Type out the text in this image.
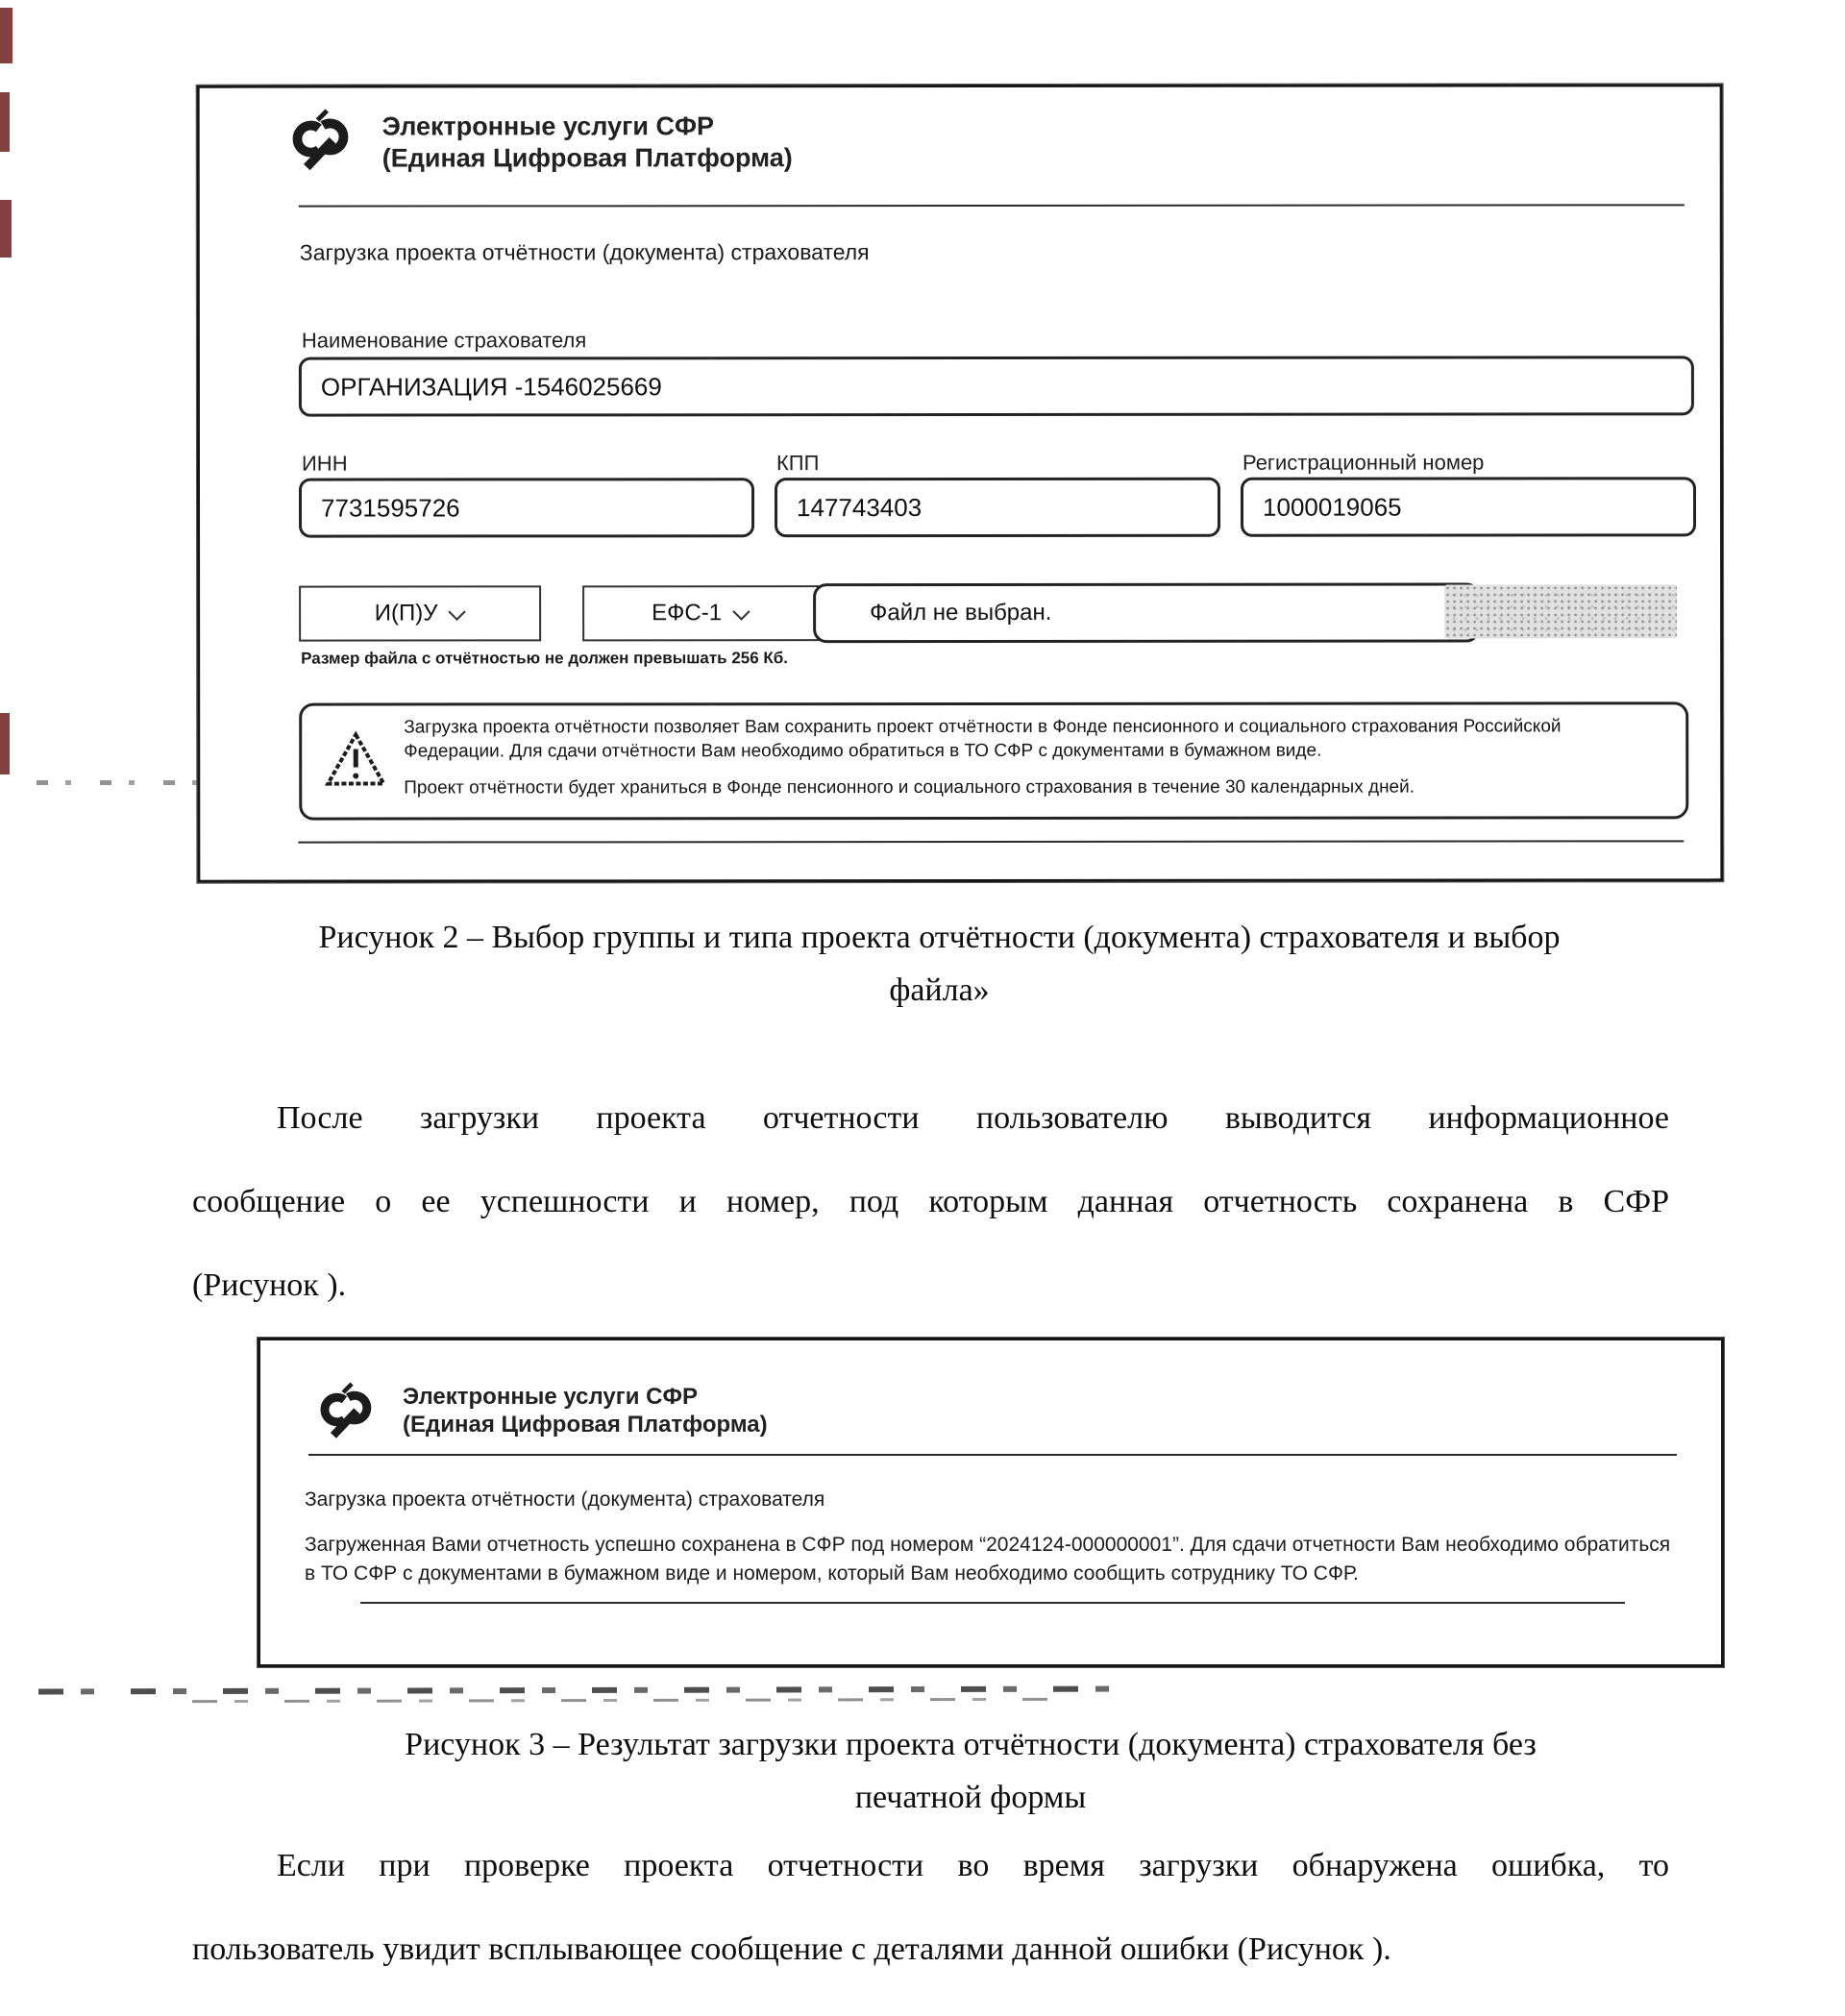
Электронные услуги СФР
(Единая Цифровая Платформа)
Загрузка проекта отчётности (документа) страхователя
Наименование страхователя
ОРГАНИЗАЦИЯ -1546025669
ИНН	КПП	Регистрационный номер
7731595726	147743403	1000019065
И(П)У	ЕФС-1	Файл не выбран.
Размер файла с отчётностью не должен превышать 256 Кб.
Загрузка проекта отчётности позволяет Вам сохранить проект отчётности в Фонде пенсионного и социального страхования Российской Федерации. Для сдачи отчётности Вам необходимо обратиться в ТО СФР с документами в бумажном виде.
Проект отчётности будет храниться в Фонде пенсионного и социального страхования в течение 30 календарных дней.
Рисунок 2 – Выбор группы и типа проекта отчётности (документа) страхователя и выбор
файла»
После загрузки проекта отчетности пользователю выводится информационное
сообщение о ее успешности и номер, под которым данная отчетность сохранена в СФР
(Рисунок ).
Электронные услуги СФР
(Единая Цифровая Платформа)
Загрузка проекта отчётности (документа) страхователя
Загруженная Вами отчетность успешно сохранена в СФР под номером “2024124-000000001”. Для сдачи отчетности Вам необходимо обратиться в ТО СФР с документами в бумажном виде и номером, который Вам необходимо сообщить сотруднику ТО СФР.
Рисунок 3 – Результат загрузки проекта отчётности (документа) страхователя без
печатной формы
Если при проверке проекта отчетности во время загрузки обнаружена ошибка, то
пользователь увидит всплывающее сообщение с деталями данной ошибки (Рисунок ).
